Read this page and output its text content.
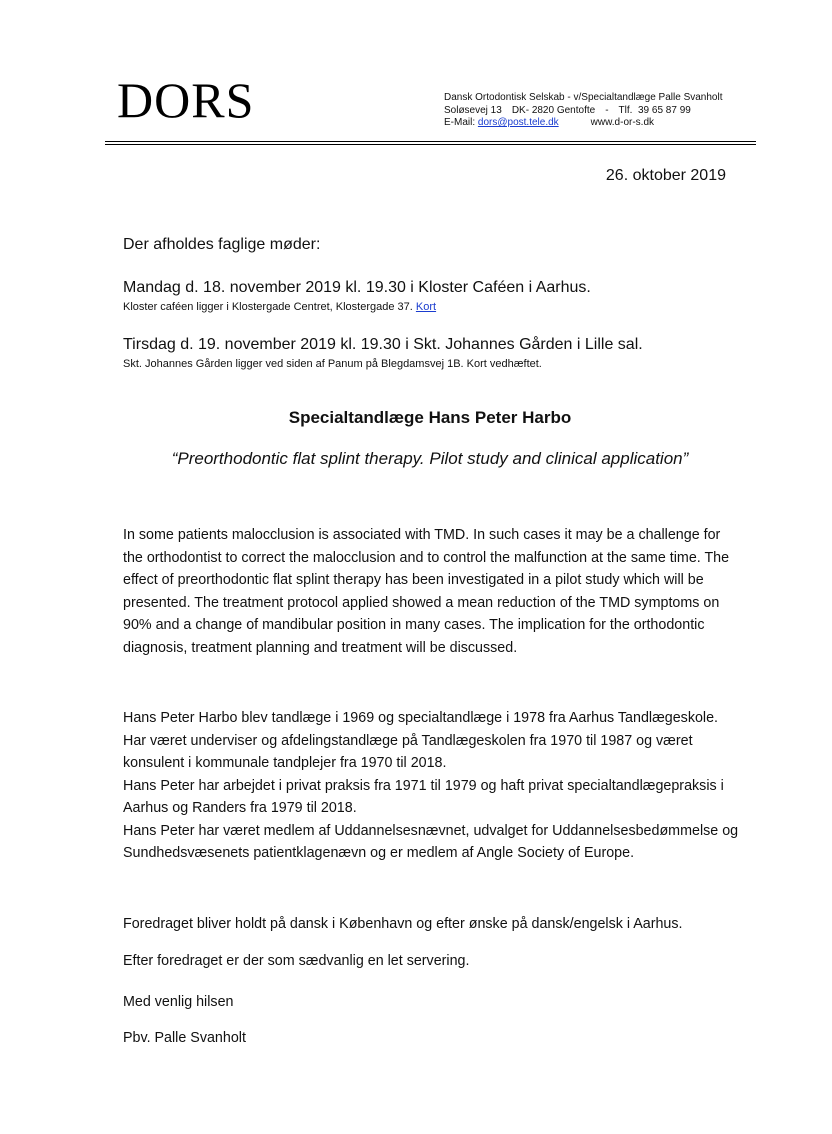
DORS	Dansk Ortodontisk Selskab - v/Specialtandlæge Palle Svanholt
Soløsevej 13 DK- 2820 Gentofte - Tlf. 39 65 87 99
E-Mail: dors@post.tele.dk	www.d-or-s.dk
26. oktober 2019
Der afholdes faglige møder:
Mandag d. 18. november 2019 kl. 19.30 i Kloster Caféen i Aarhus.
Kloster caféen ligger i Klostergade Centret, Klostergade 37. Kort
Tirsdag d. 19. november 2019 kl. 19.30 i Skt. Johannes Gården i Lille sal.
Skt. Johannes Gården ligger ved siden af Panum på Blegdamsvej 1B. Kort vedhæftet.
Specialtandlæge Hans Peter Harbo
“Preorthodontic flat splint therapy. Pilot study and clinical application”
In some patients malocclusion is associated with TMD. In such cases it may be a challenge for the orthodontist to correct the malocclusion and to control the malfunction at the same time. The effect of preorthodontic flat splint therapy has been investigated in a pilot study which will be presented. The treatment protocol applied showed a mean reduction of the TMD symptoms on 90% and a change of mandibular position in many cases. The implication for the orthodontic diagnosis, treatment planning and treatment will be discussed.

Hans Peter Harbo blev tandlæge i 1969 og specialtandlæge i 1978 fra Aarhus Tandlægeskole. Har været underviser og afdelingstandlæge på Tandlægeskolen fra 1970 til 1987 og været konsulent i kommunale tandplejer fra 1970 til 2018.

Hans Peter har arbejdet i privat praksis fra 1971 til 1979 og haft privat specialtandlægepraksis i Aarhus og Randers fra 1979 til 2018.

Hans Peter har været medlem af Uddannelsesnævnet, udvalget for Uddannelsesbedømmelse og Sundhedsvæsenets patientklagenævn og er medlem af Angle Society of Europe.

Foredraget bliver holdt på dansk i København og efter ønske på dansk/engelsk i Aarhus.
Efter foredraget er der som sædvanlig en let servering.
Med venlig hilsen
Pbv. Palle Svanholt
